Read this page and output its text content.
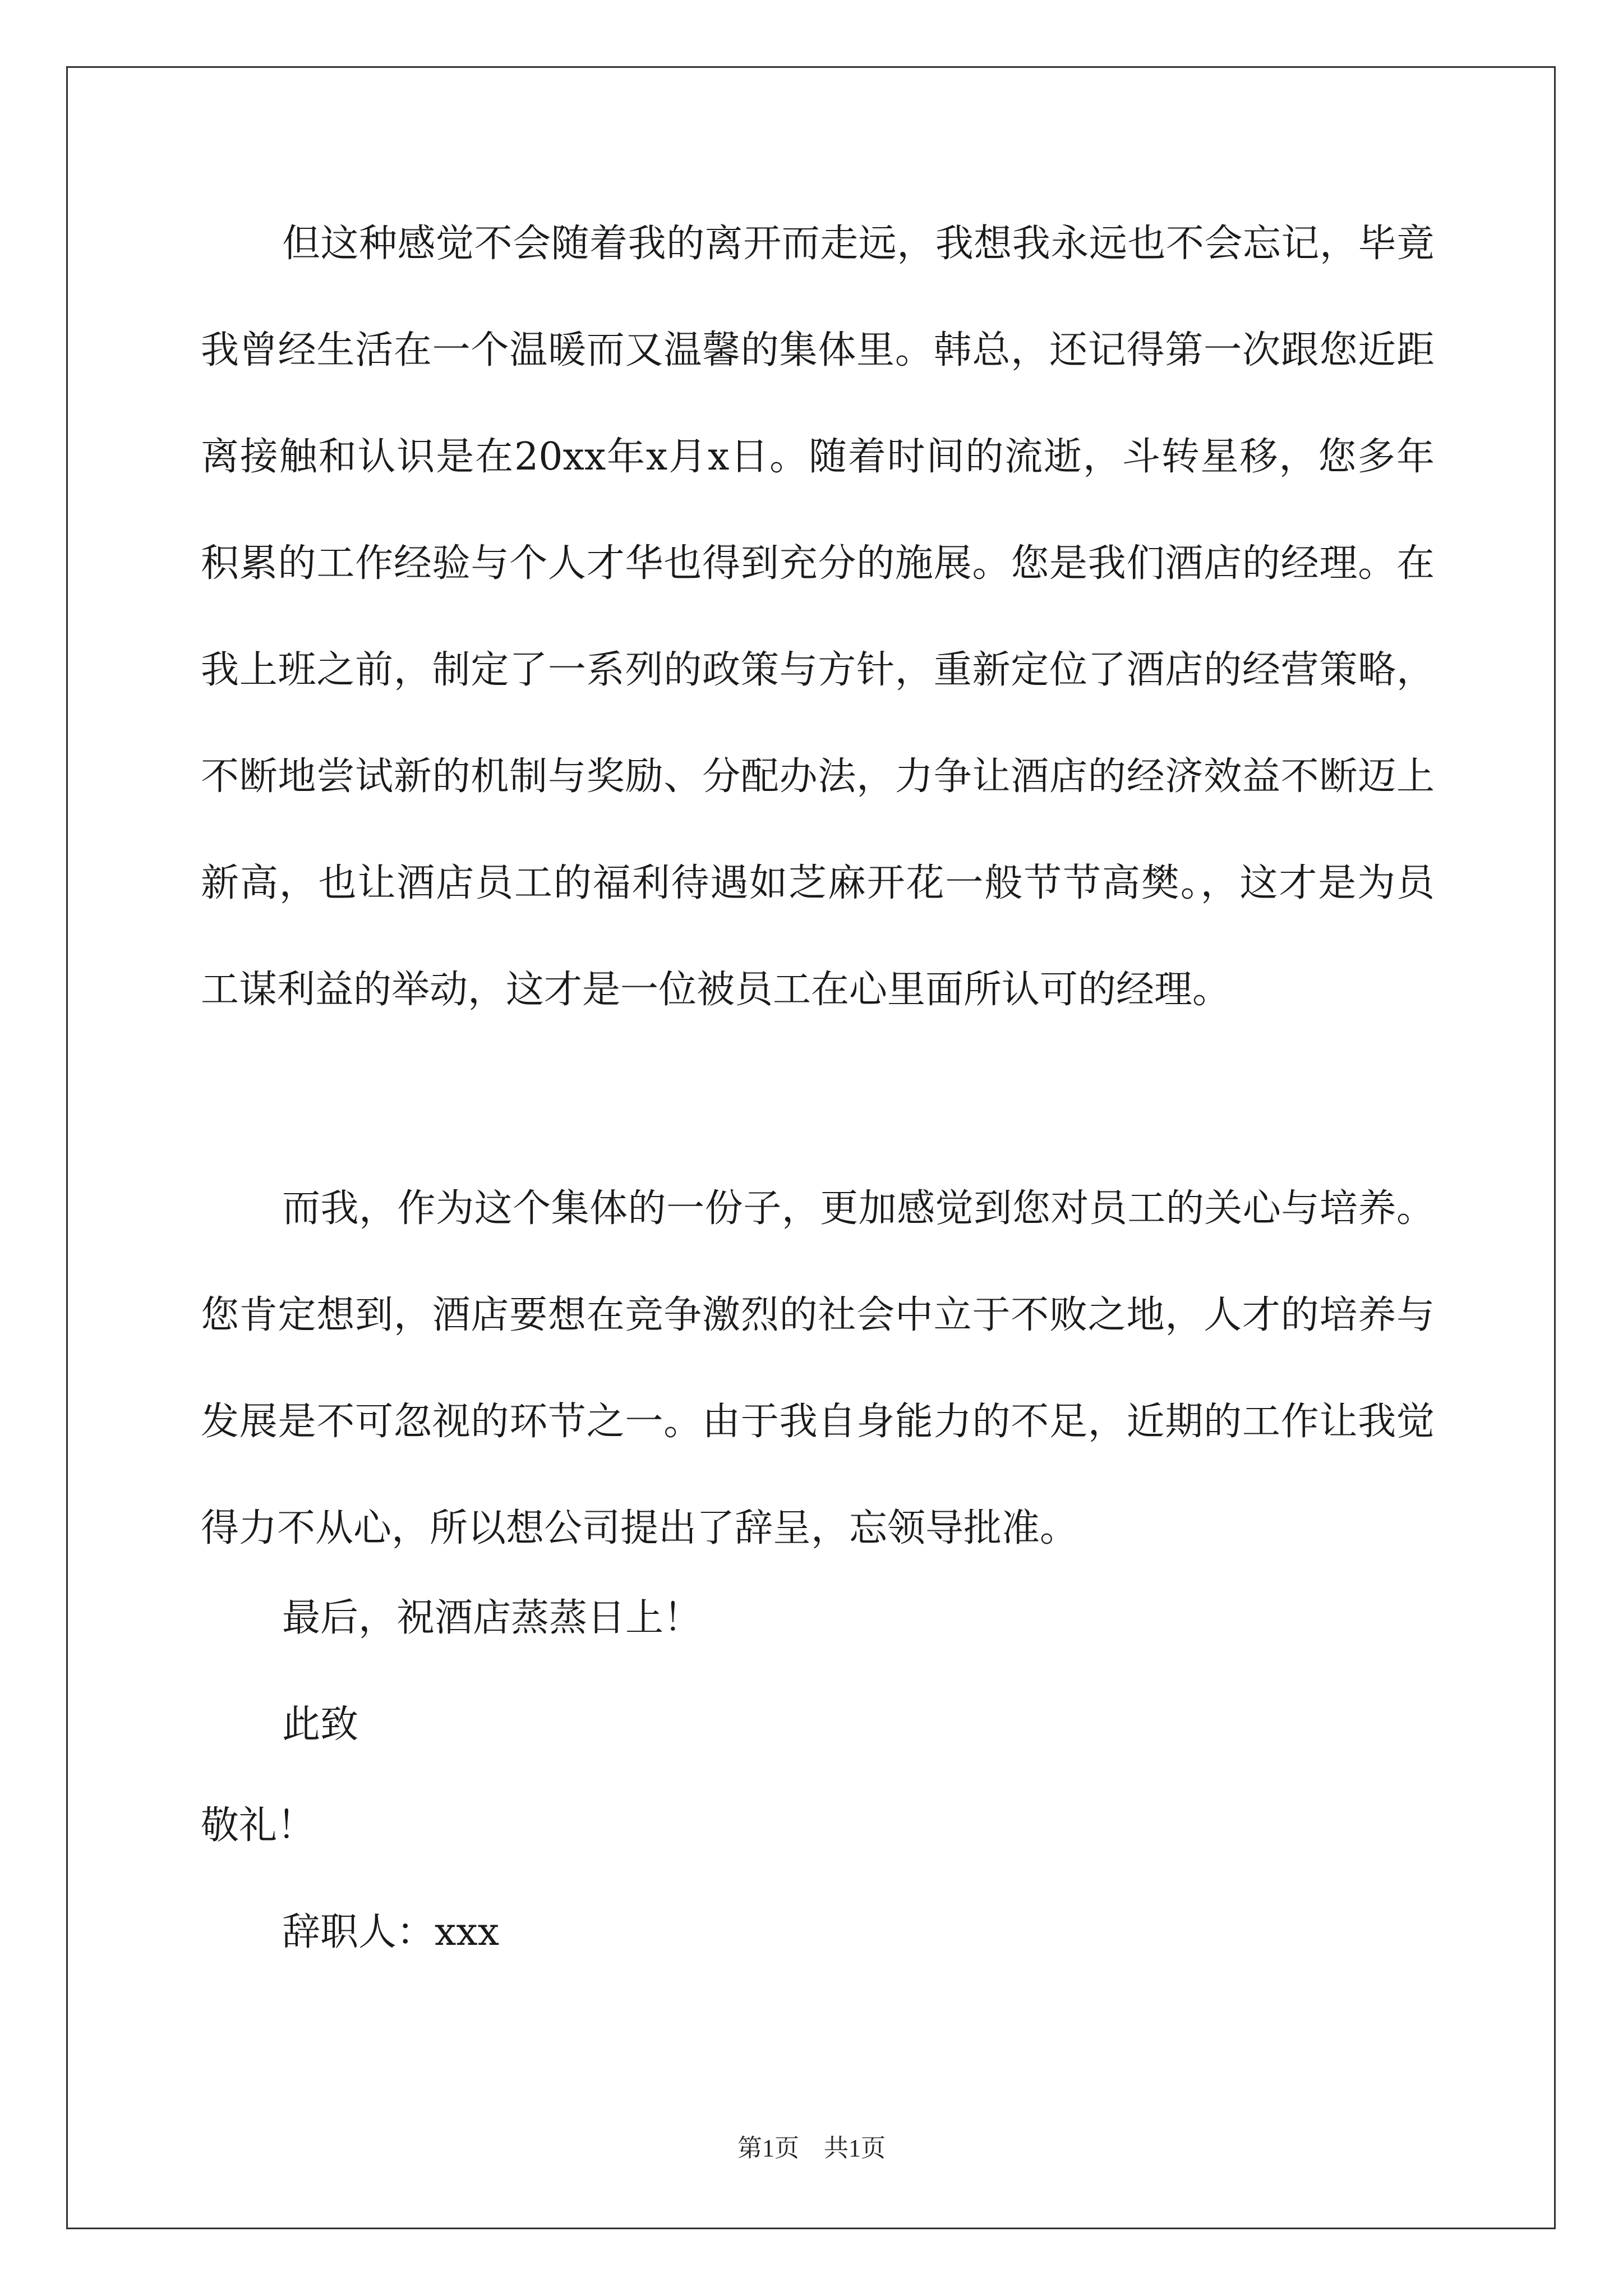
但这种感觉不会随着我的离开而走远，我想我永远也不会忘记，毕竟我曾经生活在一个温暖而又温馨的集体里。韩总，还记得第一次跟您近距离接触和认识是在20xx年x月x日。随着时间的流逝，斗转星移，您多年积累的工作经验与个人才华也得到充分的施展。您是我们酒店的经理。在我上班之前，制定了一系列的政策与方针，重新定位了酒店的经营策略，不断地尝试新的机制与奖励、分配办法，力争让酒店的经济效益不断迈上新高，也让酒店员工的福利待遇如芝麻开花一般节节高樊。，这才是为员工谋利益的举动，这才是一位被员工在心里面所认可的经理。

而我，作为这个集体的一份子，更加感觉到您对员工的关心与培养。您肯定想到，酒店要想在竞争激烈的社会中立于不败之地，人才的培养与发展是不可忽视的环节之一。由于我自身能力的不足，近期的工作让我觉得力不从心，所以想公司提出了辞呈，忘领导批准。

最后，祝酒店蒸蒸日上！

此致

敬礼！

辞职人：xxx

第1页　共1页
